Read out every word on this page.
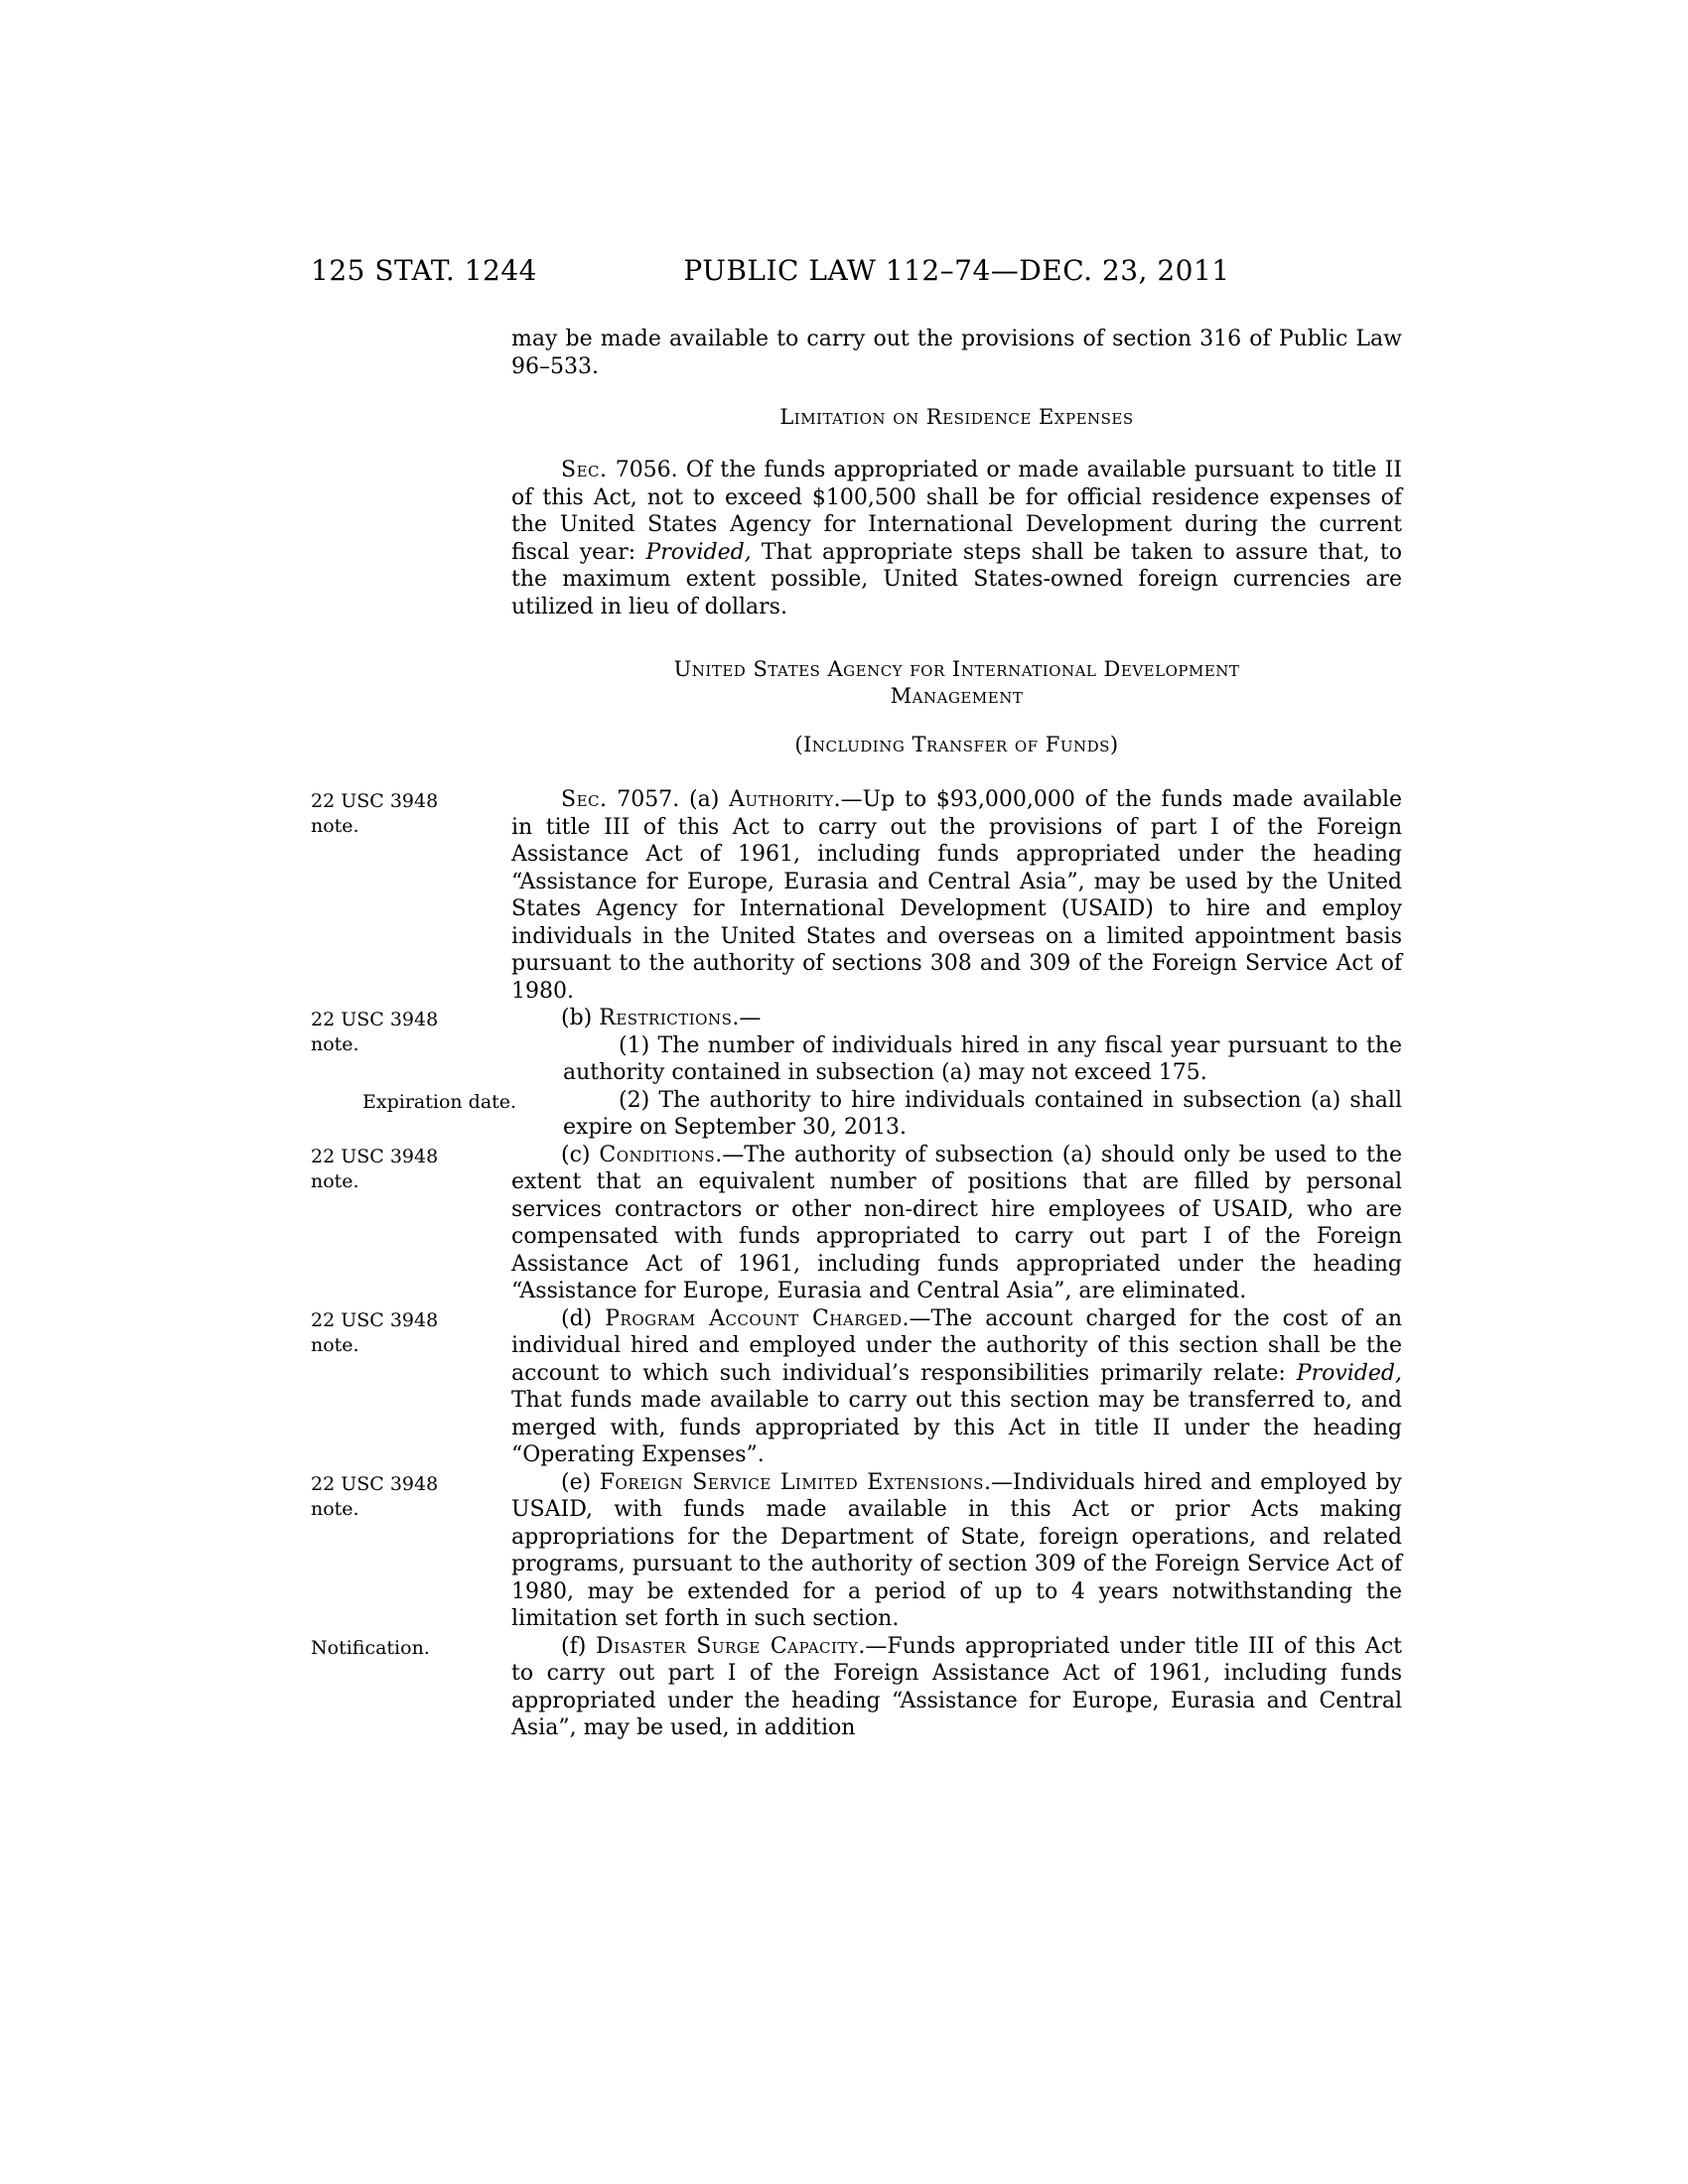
125 STAT. 1244	PUBLIC LAW 112–74—DEC. 23, 2011
may be made available to carry out the provisions of section 316 of Public Law 96–533.
Limitation on Residence Expenses
Sec. 7056. Of the funds appropriated or made available pursuant to title II of this Act, not to exceed $100,500 shall be for official residence expenses of the United States Agency for International Development during the current fiscal year: Provided, That appropriate steps shall be taken to assure that, to the maximum extent possible, United States-owned foreign currencies are utilized in lieu of dollars.
United States Agency for International Development
Management
(Including Transfer of Funds)
Sec. 7057. (a) Authority.—Up to $93,000,000 of the funds made available in title III of this Act to carry out the provisions of part I of the Foreign Assistance Act of 1961, including funds appropriated under the heading “Assistance for Europe, Eurasia and Central Asia”, may be used by the United States Agency for International Development (USAID) to hire and employ individuals in the United States and overseas on a limited appointment basis pursuant to the authority of sections 308 and 309 of the Foreign Service Act of 1980.
22 USC 3948 note.
(b) Restrictions.—
22 USC 3948 note.	(1) The number of individuals hired in any fiscal year pursuant to the authority contained in subsection (a) may not exceed 175.
(2) The authority to hire individuals contained in subsection (a) shall expire on September 30, 2013.
Expiration date.
(c) Conditions.—The authority of subsection (a) should only be used to the extent that an equivalent number of positions that are filled by personal services contractors or other non-direct hire employees of USAID, who are compensated with funds appropriated to carry out part I of the Foreign Assistance Act of 1961, including funds appropriated under the heading “Assistance for Europe, Eurasia and Central Asia”, are eliminated.
22 USC 3948 note.
(d) Program Account Charged.—The account charged for the cost of an individual hired and employed under the authority of this section shall be the account to which such individual’s responsibilities primarily relate: Provided, That funds made available to carry out this section may be transferred to, and merged with, funds appropriated by this Act in title II under the heading “Operating Expenses”.
22 USC 3948 note.
(e) Foreign Service Limited Extensions.—Individuals hired and employed by USAID, with funds made available in this Act or prior Acts making appropriations for the Department of State, foreign operations, and related programs, pursuant to the authority of section 309 of the Foreign Service Act of 1980, may be extended for a period of up to 4 years notwithstanding the limitation set forth in such section.
22 USC 3948 note.
(f) Disaster Surge Capacity.—Funds appropriated under title III of this Act to carry out part I of the Foreign Assistance Act of 1961, including funds appropriated under the heading “Assistance for Europe, Eurasia and Central Asia”, may be used, in addition
Notification.
